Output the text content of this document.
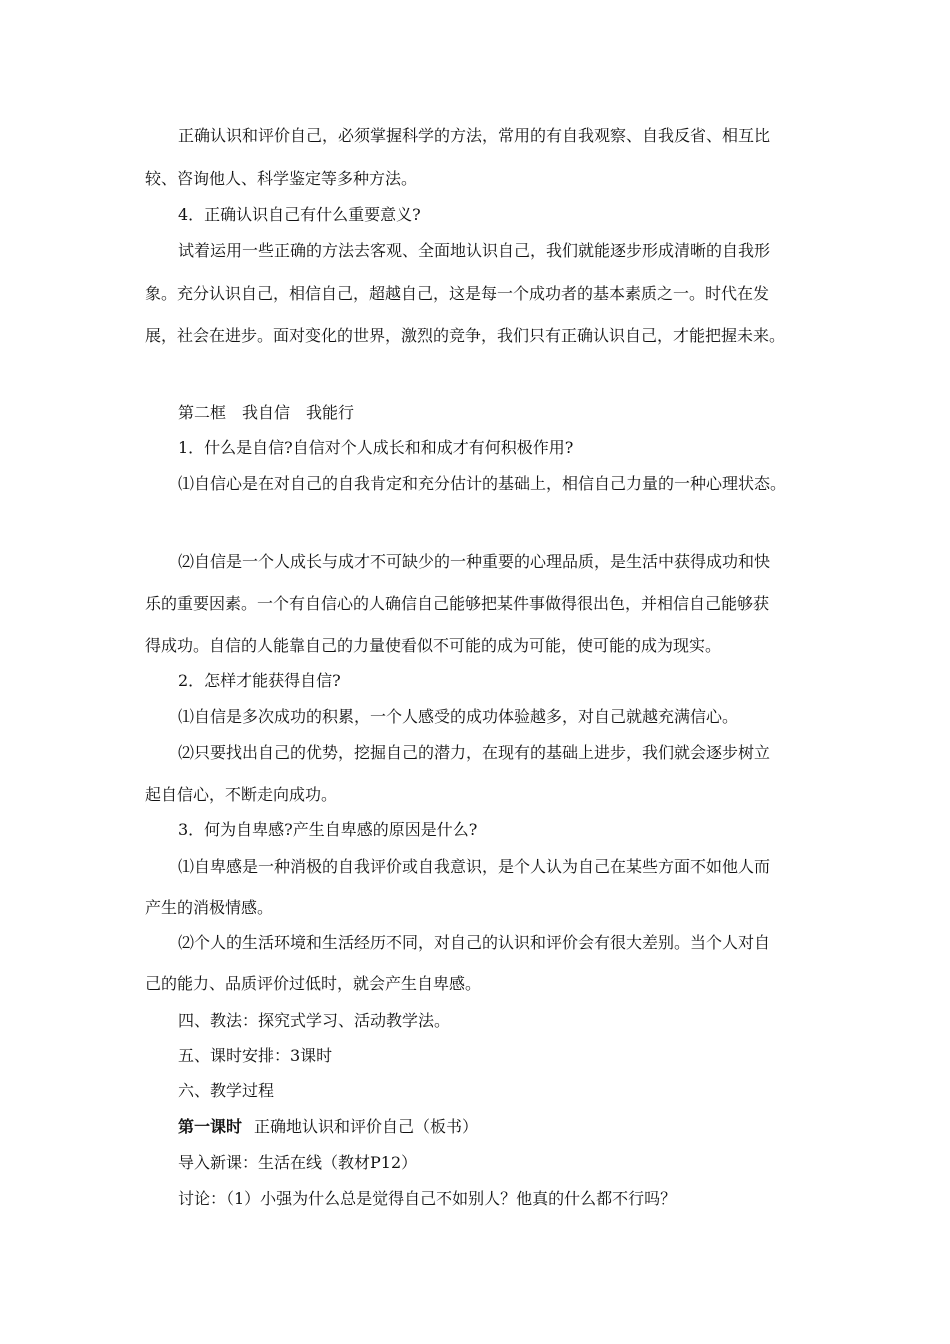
正确认识和评价自己，必须掌握科学的方法，常用的有自我观察、自我反省、相互比

较、咨询他人、科学鉴定等多种方法。

4．正确认识自己有什么重要意义?

试着运用一些正确的方法去客观、全面地认识自己，我们就能逐步形成清晰的自我形

象。充分认识自己，相信自己，超越自己，这是每一个成功者的基本素质之一。时代在发

展，社会在进步。面对变化的世界，激烈的竞争，我们只有正确认识自己，才能把握未来。

第二框　我自信　我能行

1．什么是自信?自信对个人成长和和成才有何积极作用?

⑴自信心是在对自己的自我肯定和充分估计的基础上，相信自己力量的一种心理状态。

⑵自信是一个人成长与成才不可缺少的一种重要的心理品质，是生活中获得成功和快

乐的重要因素。一个有自信心的人确信自己能够把某件事做得很出色，并相信自己能够获

得成功。自信的人能靠自己的力量使看似不可能的成为可能，使可能的成为现实。

2．怎样才能获得自信?

⑴自信是多次成功的积累，一个人感受的成功体验越多，对自己就越充满信心。

⑵只要找出自己的优势，挖掘自己的潜力，在现有的基础上进步，我们就会逐步树立

起自信心，不断走向成功。

3．何为自卑感?产生自卑感的原因是什么?

⑴自卑感是一种消极的自我评价或自我意识，是个人认为自己在某些方面不如他人而

产生的消极情感。

⑵个人的生活环境和生活经历不同，对自己的认识和评价会有很大差别。当个人对自

己的能力、品质评价过低时，就会产生自卑感。

四、教法：探究式学习、活动教学法。

五、课时安排：3课时

六、教学过程

第一课时 正确地认识和评价自己（板书）

导入新课：生活在线（教材P12）

讨论：（1）小强为什么总是觉得自己不如别人？他真的什么都不行吗？
